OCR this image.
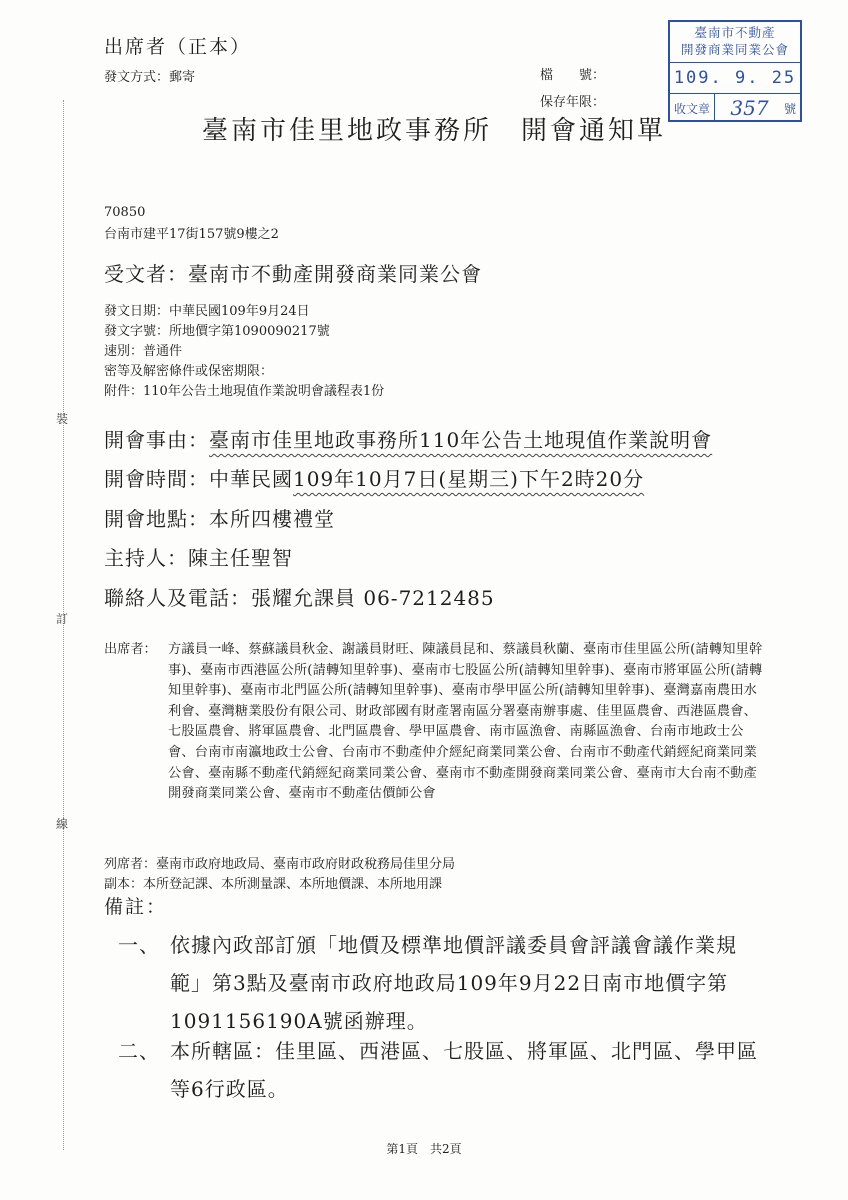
裝
訂
線
出席者（正本）
發文方式：郵寄	檔　　號：
保存年限：
臺南市不動產
開發商業同業公會
109. 9. 25
收文章	357	號
臺南市佳里地政事務所　開會通知單
70850
台南市建平17街157號9樓之2
受文者：臺南市不動產開發商業同業公會
發文日期：中華民國109年9月24日
發文字號：所地價字第1090090217號
速別：普通件
密等及解密條件或保密期限：
附件：110年公告土地現值作業說明會議程表1份
開會事由：臺南市佳里地政事務所110年公告土地現值作業說明會
開會時間：中華民國109年10月7日(星期三)下午2時20分
開會地點：本所四樓禮堂
主持人：陳主任聖智
聯絡人及電話：張耀允課員 06-7212485
出席者： 方議員一峰、蔡蘇議員秋金、謝議員財旺、陳議員昆和、蔡議員秋蘭、臺南市佳里區公所(請轉知里幹事)、臺南市西港區公所(請轉知里幹事)、臺南市七股區公所(請轉知里幹事)、臺南市將軍區公所(請轉知里幹事)、臺南市北門區公所(請轉知里幹事)、臺南市學甲區公所(請轉知里幹事)、臺灣嘉南農田水利會、臺灣糖業股份有限公司、財政部國有財產署南區分署臺南辦事處、佳里區農會、西港區農會、七股區農會、將軍區農會、北門區農會、學甲區農會、南市區漁會、南縣區漁會、台南市地政士公會、台南市南瀛地政士公會、台南市不動產仲介經紀商業同業公會、台南市不動產代銷經紀商業同業公會、臺南縣不動產代銷經紀商業同業公會、臺南市不動產開發商業同業公會、臺南市大台南不動產開發商業同業公會、臺南市不動產估價師公會
列席者：臺南市政府地政局、臺南市政府財政稅務局佳里分局
副本：本所登記課、本所測量課、本所地價課、本所地用課
備註：
一、 依據內政部訂頒「地價及標準地價評議委員會評議會議作業規範」第3點及臺南市政府地政局109年9月22日南市地價字第1091156190A號函辦理。
二、 本所轄區：佳里區、西港區、七股區、將軍區、北門區、學甲區等6行政區。
第1頁　共2頁
